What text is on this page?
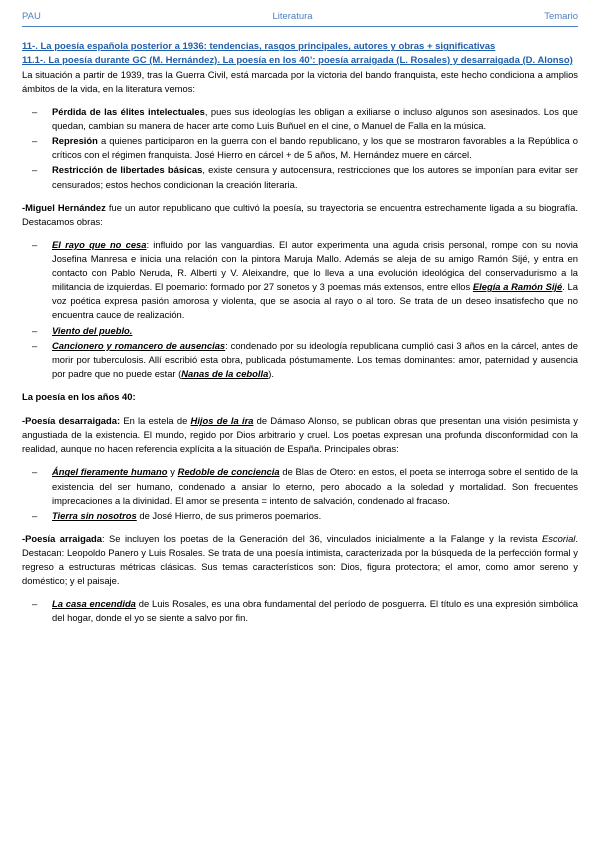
PAU	Literatura	Temario
11-. La poesía española posterior a 1936: tendencias, rasgos principales, autores y obras + significativas
11.1-. La poesía durante GC (M. Hernández). La poesía en los 40’: poesía arraigada (L. Rosales) y desarraigada (D. Alonso)

La situación a partir de 1939, tras la Guerra Civil, está marcada por la victoria del bando franquista, este hecho condiciona a amplios ámbitos de la vida, en la literatura vemos:

– Pérdida de las élites intelectuales, pues sus ideologías les obligan a exiliarse o incluso algunos son asesinados. Los que quedan, cambian su manera de hacer arte como Luis Buñuel en el cine, o Manuel de Falla en la música.
– Represión a quienes participaron en la guerra con el bando republicano, y los que se mostraron favorables a la República o críticos con el régimen franquista. José Hierro en cárcel + de 5 años, M. Hernández muere en cárcel.
– Restricción de libertades básicas, existe censura y autocensura, restricciones que los autores se imponían para evitar ser censurados; estos hechos condicionan la creación literaria.

-Miguel Hernández fue un autor republicano que cultivó la poesía, su trayectoria se encuentra estrechamente ligada a su biografía. Destacamos obras:

– El rayo que no cesa: influido por las vanguardias. El autor experimenta una aguda crisis personal, rompe con su novia Josefina Manresa e inicia una relación con la pintora Maruja Mallo. Además se aleja de su amigo Ramón Sijé, y entra en contacto con Pablo Neruda, R. Alberti y V. Aleixandre, que lo lleva a una evolución ideológica del conservadurismo a la militancia de izquierdas. El poemario: formado por 27 sonetos y 3 poemas más extensos, entre ellos Elegía a Ramón Sijé. La voz poética expresa pasión amorosa y violenta, que se asocia al rayo o al toro. Se trata de un deseo insatisfecho que no encuentra cauce de realización.
– Viento del pueblo.
– Cancionero y romancero de ausencias: condenado por su ideología republicana cumplió casi 3 años en la cárcel, antes de morir por tuberculosis. Allí escribió esta obra, publicada póstumamente. Los temas dominantes: amor, paternidad y ausencia por padre que no puede estar (Nanas de la cebolla).
La poesía en los años 40:

-Poesía desarraigada: En la estela de Hijos de la ira de Dámaso Alonso, se publican obras que presentan una visión pesimista y angustiada de la existencia. El mundo, regido por Dios arbitrario y cruel. Los poetas expresan una profunda disconformidad con la realidad, aunque no hacen referencia explícita a la situación de España. Principales obras:

– Ángel fieramente humano y Redoble de conciencia de Blas de Otero: en estos, el poeta se interroga sobre el sentido de la existencia del ser humano, condenado a ansiar lo eterno, pero abocado a la soledad y mortalidad. Son frecuentes imprecaciones a la divinidad. El amor se presenta = intento de salvación, condenado al fracaso.
– Tierra sin nosotros de José Hierro, de sus primeros poemarios.

-Poesía arraigada: Se incluyen los poetas de la Generación del 36, vinculados inicialmente a la Falange y la revista Escorial. Destacan: Leopoldo Panero y Luis Rosales. Se trata de una poesía intimista, caracterizada por la búsqueda de la perfección formal y regreso a estructuras métricas clásicas. Sus temas característicos son: Dios, figura protectora; el amor, como amor sereno y doméstico; y el paisaje.

– La casa encendida de Luis Rosales, es una obra fundamental del período de posguerra. El título es una expresión simbólica del hogar, donde el yo se siente a salvo por fin.
